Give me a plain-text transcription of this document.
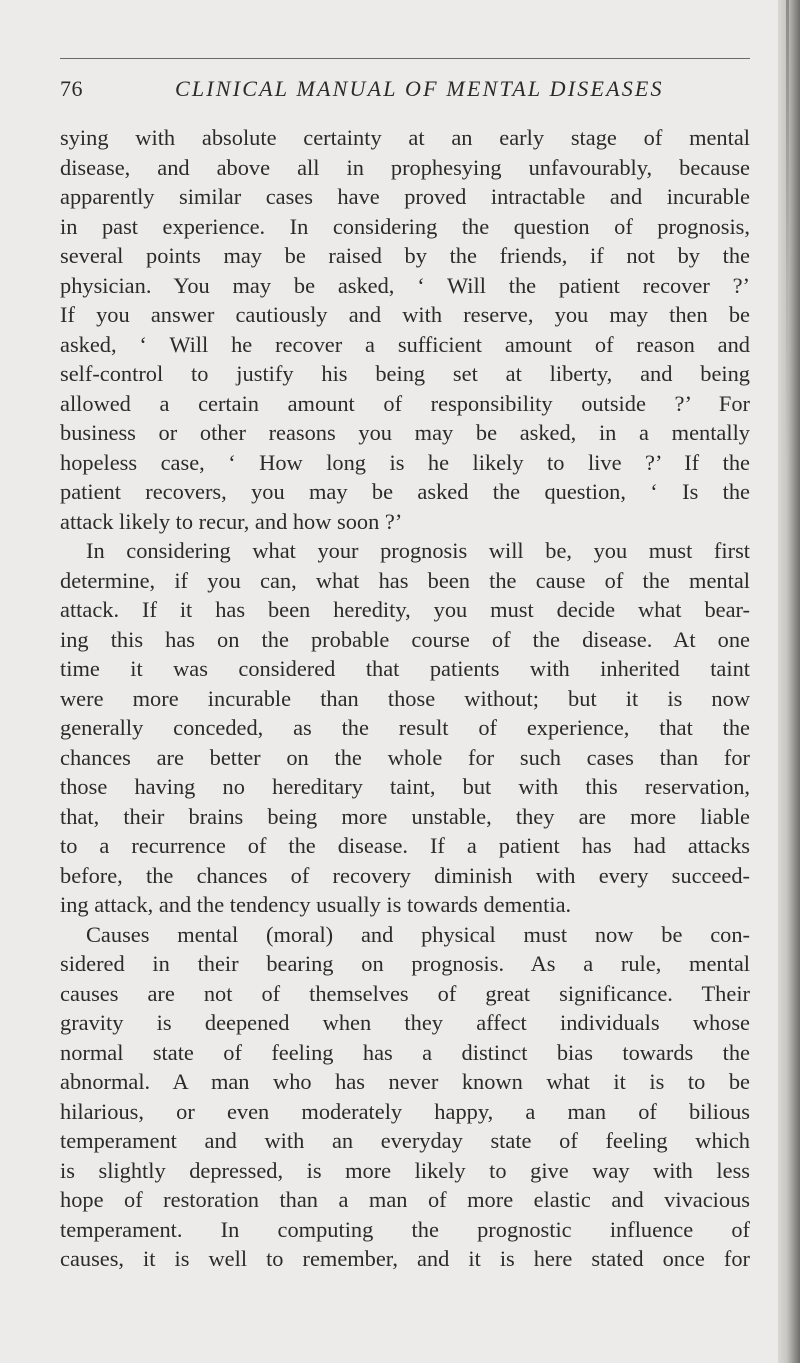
76	CLINICAL MANUAL OF MENTAL DISEASES

sying with absolute certainty at an early stage of mental

disease, and above all in prophesying unfavourably, because

apparently similar cases have proved intractable and incurable

in past experience. In considering the question of prognosis,

several points may be raised by the friends, if not by the

physician. You may be asked, ‘ Will the patient recover ?’

If you answer cautiously and with reserve, you may then be

asked, ‘ Will he recover a sufficient amount of reason and

self-control to justify his being set at liberty, and being

allowed a certain amount of responsibility outside ?’ For

business or other reasons you may be asked, in a mentally

hopeless case, ‘ How long is he likely to live ?’ If the

patient recovers, you may be asked the question, ‘ Is the

attack likely to recur, and how soon ?’

In considering what your prognosis will be, you must first

determine, if you can, what has been the cause of the mental

attack. If it has been heredity, you must decide what bear-

ing this has on the probable course of the disease. At one

time it was considered that patients with inherited taint

were more incurable than those without; but it is now

generally conceded, as the result of experience, that the

chances are better on the whole for such cases than for

those having no hereditary taint, but with this reservation,

that, their brains being more unstable, they are more liable

to a recurrence of the disease. If a patient has had attacks

before, the chances of recovery diminish with every succeed-

ing attack, and the tendency usually is towards dementia.

Causes mental (moral) and physical must now be con-

sidered in their bearing on prognosis. As a rule, mental

causes are not of themselves of great significance. Their

gravity is deepened when they affect individuals whose

normal state of feeling has a distinct bias towards the

abnormal. A man who has never known what it is to be

hilarious, or even moderately happy, a man of bilious

temperament and with an everyday state of feeling which

is slightly depressed, is more likely to give way with less

hope of restoration than a man of more elastic and vivacious

temperament. In computing the prognostic influence of

causes, it is well to remember, and it is here stated once for
